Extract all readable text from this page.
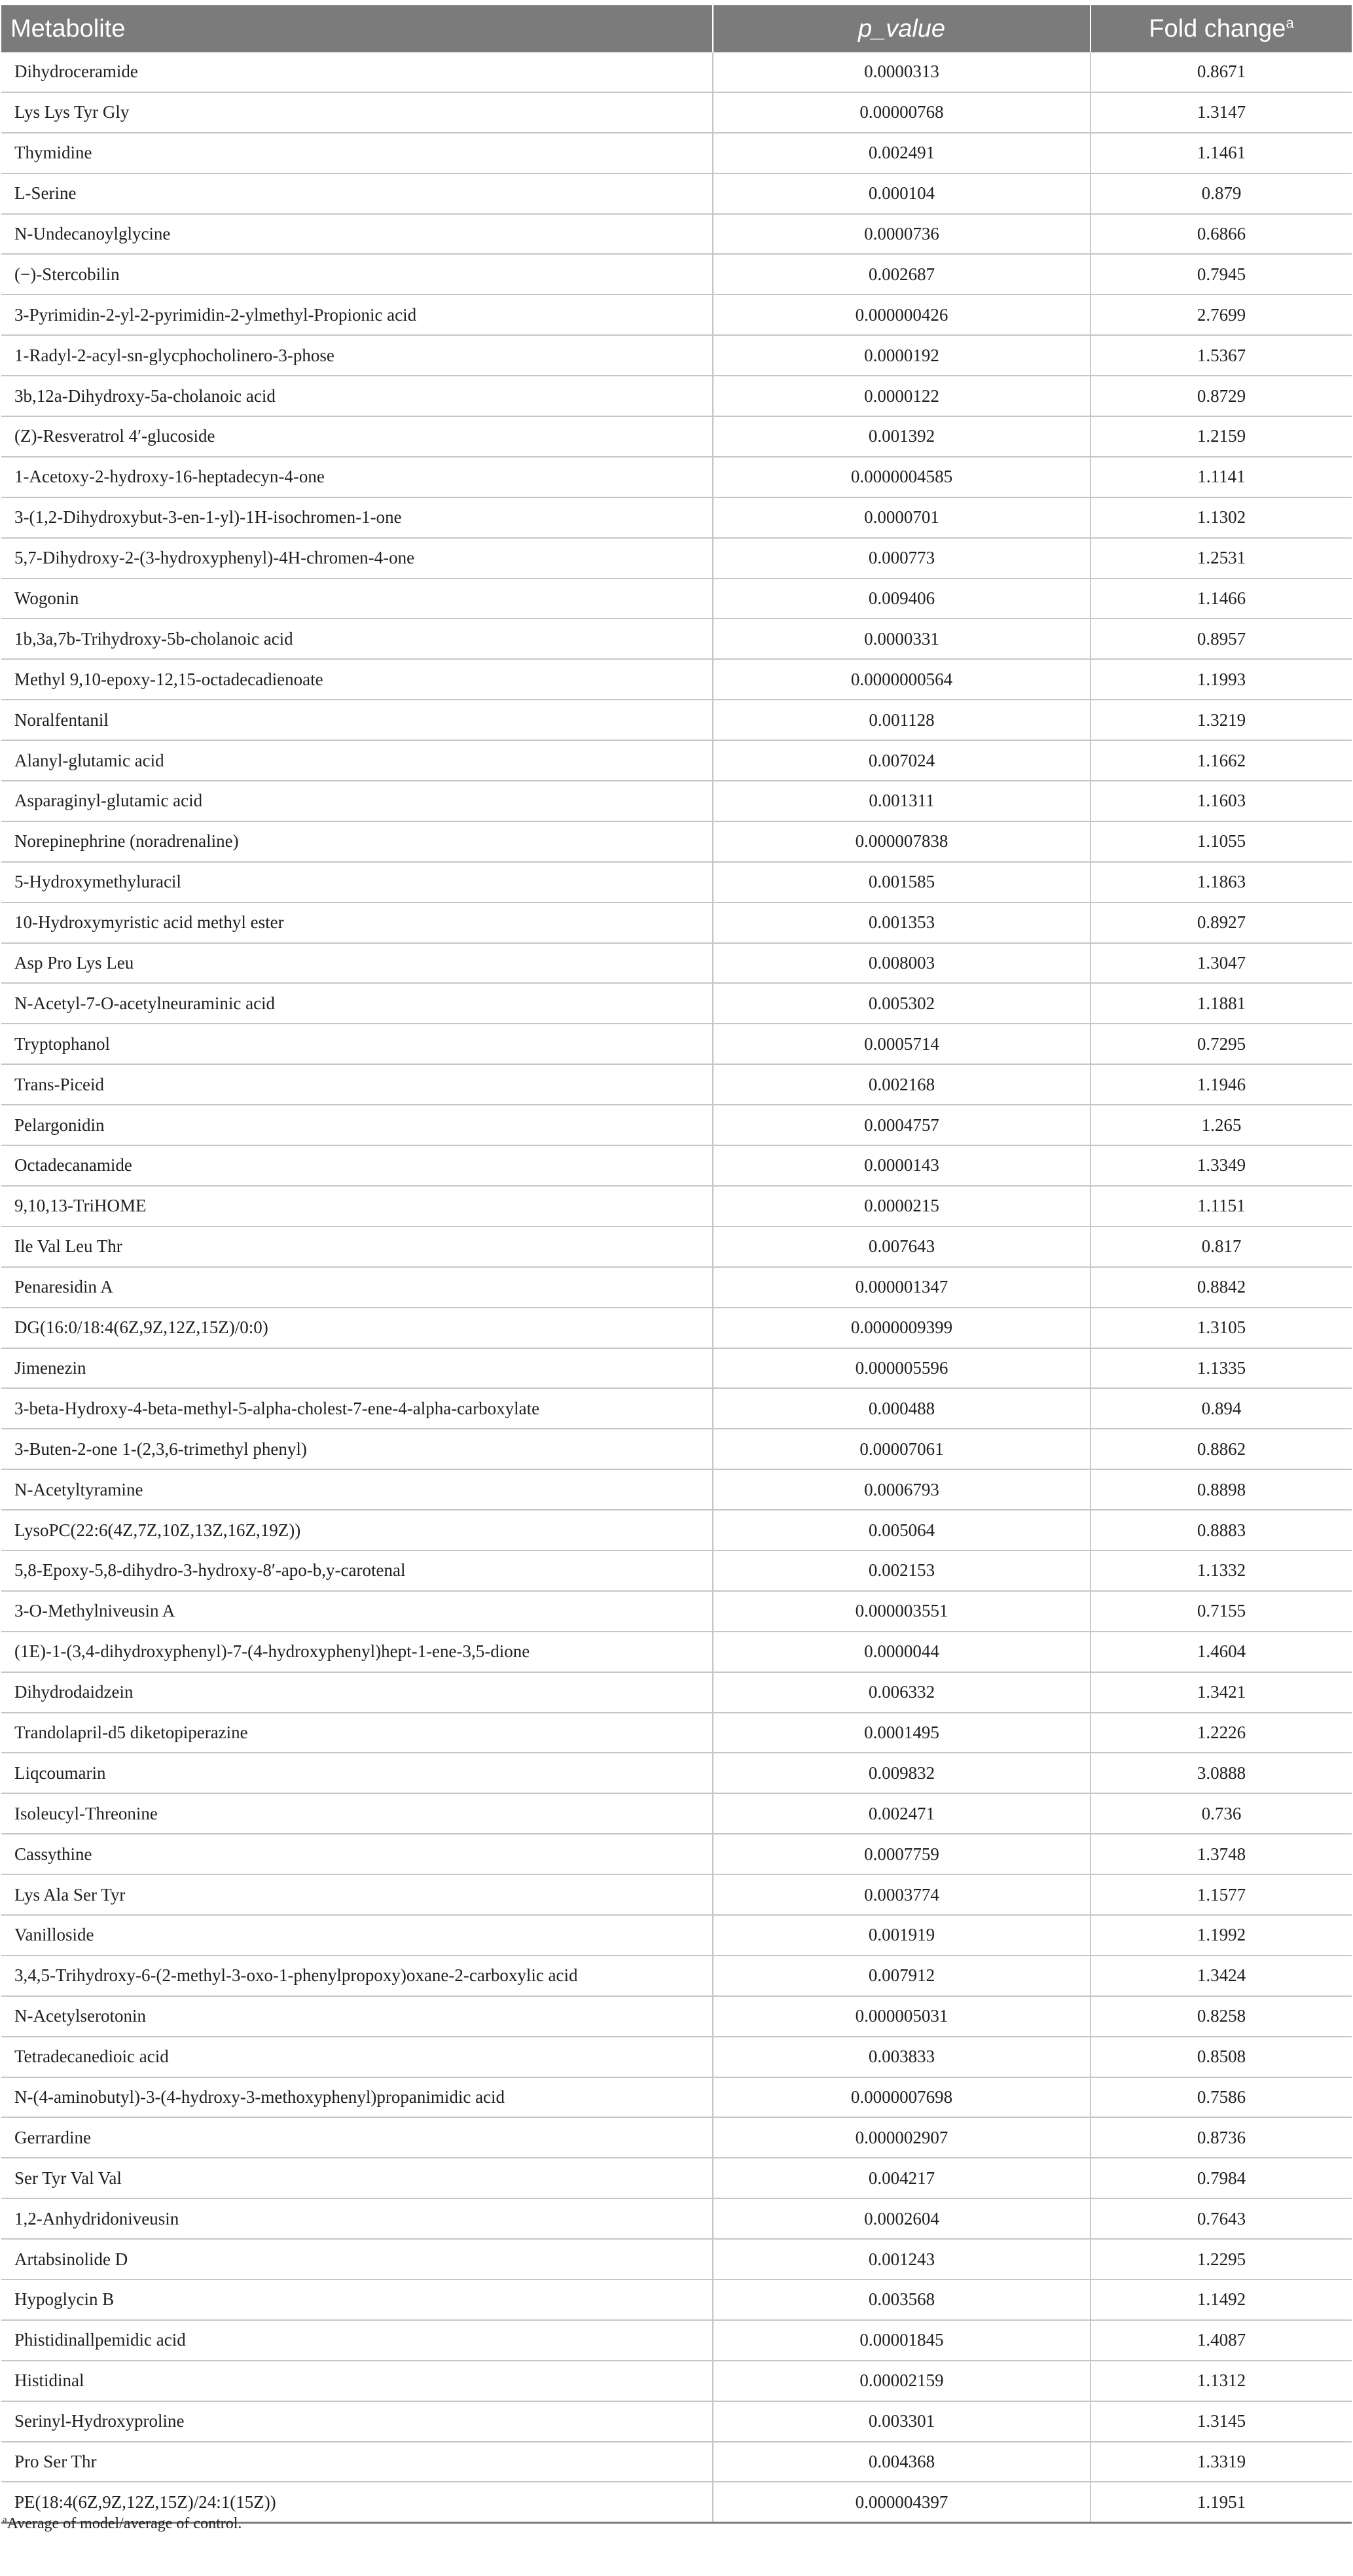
Metabolite	p_value	Fold change$^a$
Dihydroceramide	0.0000313	0.8671
Lys Lys Tyr Gly	0.00000768	1.3147
Thymidine	0.002491	1.1461
L-Serine	0.000104	0.879
N-Undecanoylglycine	0.0000736	0.6866
(−)-Stercobilin	0.002687	0.7945
3-Pyrimidin-2-yl-2-pyrimidin-2-ylmethyl-Propionic acid	0.000000426	2.7699
1-Radyl-2-acyl-sn-glycphocholinero-3-phose	0.0000192	1.5367
3b,12a-Dihydroxy-5a-cholanoic acid	0.0000122	0.8729
(Z)-Resveratrol 4′-glucoside	0.001392	1.2159
1-Acetoxy-2-hydroxy-16-heptadecyn-4-one	0.0000004585	1.1141
3-(1,2-Dihydroxybut-3-en-1-yl)-1H-isochromen-1-one	0.0000701	1.1302
5,7-Dihydroxy-2-(3-hydroxyphenyl)-4H-chromen-4-one	0.000773	1.2531
Wogonin	0.009406	1.1466
1b,3a,7b-Trihydroxy-5b-cholanoic acid	0.0000331	0.8957
Methyl 9,10-epoxy-12,15-octadecadienoate	0.0000000564	1.1993
Noralfentanil	0.001128	1.3219
Alanyl-glutamic acid	0.007024	1.1662
Asparaginyl-glutamic acid	0.001311	1.1603
Norepinephrine (noradrenaline)	0.000007838	1.1055
5-Hydroxymethyluracil	0.001585	1.1863
10-Hydroxymyristic acid methyl ester	0.001353	0.8927
Asp Pro Lys Leu	0.008003	1.3047
N-Acetyl-7-O-acetylneuraminic acid	0.005302	1.1881
Tryptophanol	0.0005714	0.7295
Trans-Piceid	0.002168	1.1946
Pelargonidin	0.0004757	1.265
Octadecanamide	0.0000143	1.3349
9,10,13-TriHOME	0.0000215	1.1151
Ile Val Leu Thr	0.007643	0.817
Penaresidin A	0.000001347	0.8842
DG(16:0/18:4(6Z,9Z,12Z,15Z)/0:0)	0.0000009399	1.3105
Jimenezin	0.000005596	1.1335
3-beta-Hydroxy-4-beta-methyl-5-alpha-cholest-7-ene-4-alpha-carboxylate	0.000488	0.894
3-Buten-2-one 1-(2,3,6-trimethyl phenyl)	0.00007061	0.8862
N-Acetyltyramine	0.0006793	0.8898
LysoPC(22:6(4Z,7Z,10Z,13Z,16Z,19Z))	0.005064	0.8883
5,8-Epoxy-5,8-dihydro-3-hydroxy-8′-apo-b,y-carotenal	0.002153	1.1332
3-O-Methylniveusin A	0.000003551	0.7155
(1E)-1-(3,4-dihydroxyphenyl)-7-(4-hydroxyphenyl)hept-1-ene-3,5-dione	0.0000044	1.4604
Dihydrodaidzein	0.006332	1.3421
Trandolapril-d5 diketopiperazine	0.0001495	1.2226
Liqcoumarin	0.009832	3.0888
Isoleucyl-Threonine	0.002471	0.736
Cassythine	0.0007759	1.3748
Lys Ala Ser Tyr	0.0003774	1.1577
Vanilloside	0.001919	1.1992
3,4,5-Trihydroxy-6-(2-methyl-3-oxo-1-phenylpropoxy)oxane-2-carboxylic acid	0.007912	1.3424
N-Acetylserotonin	0.000005031	0.8258
Tetradecanedioic acid	0.003833	0.8508
N-(4-aminobutyl)-3-(4-hydroxy-3-methoxyphenyl)propanimidic acid	0.0000007698	0.7586
Gerrardine	0.000002907	0.8736
Ser Tyr Val Val	0.004217	0.7984
1,2-Anhydridoniveusin	0.0002604	0.7643
Artabsinolide D	0.001243	1.2295
Hypoglycin B	0.003568	1.1492
Phistidinallpemidic acid	0.00001845	1.4087
Histidinal	0.00002159	1.1312
Serinyl-Hydroxyproline	0.003301	1.3145
Pro Ser Thr	0.004368	1.3319
PE(18:4(6Z,9Z,12Z,15Z)/24:1(15Z))	0.000004397	1.1951
$^a$Average of model/average of control.
